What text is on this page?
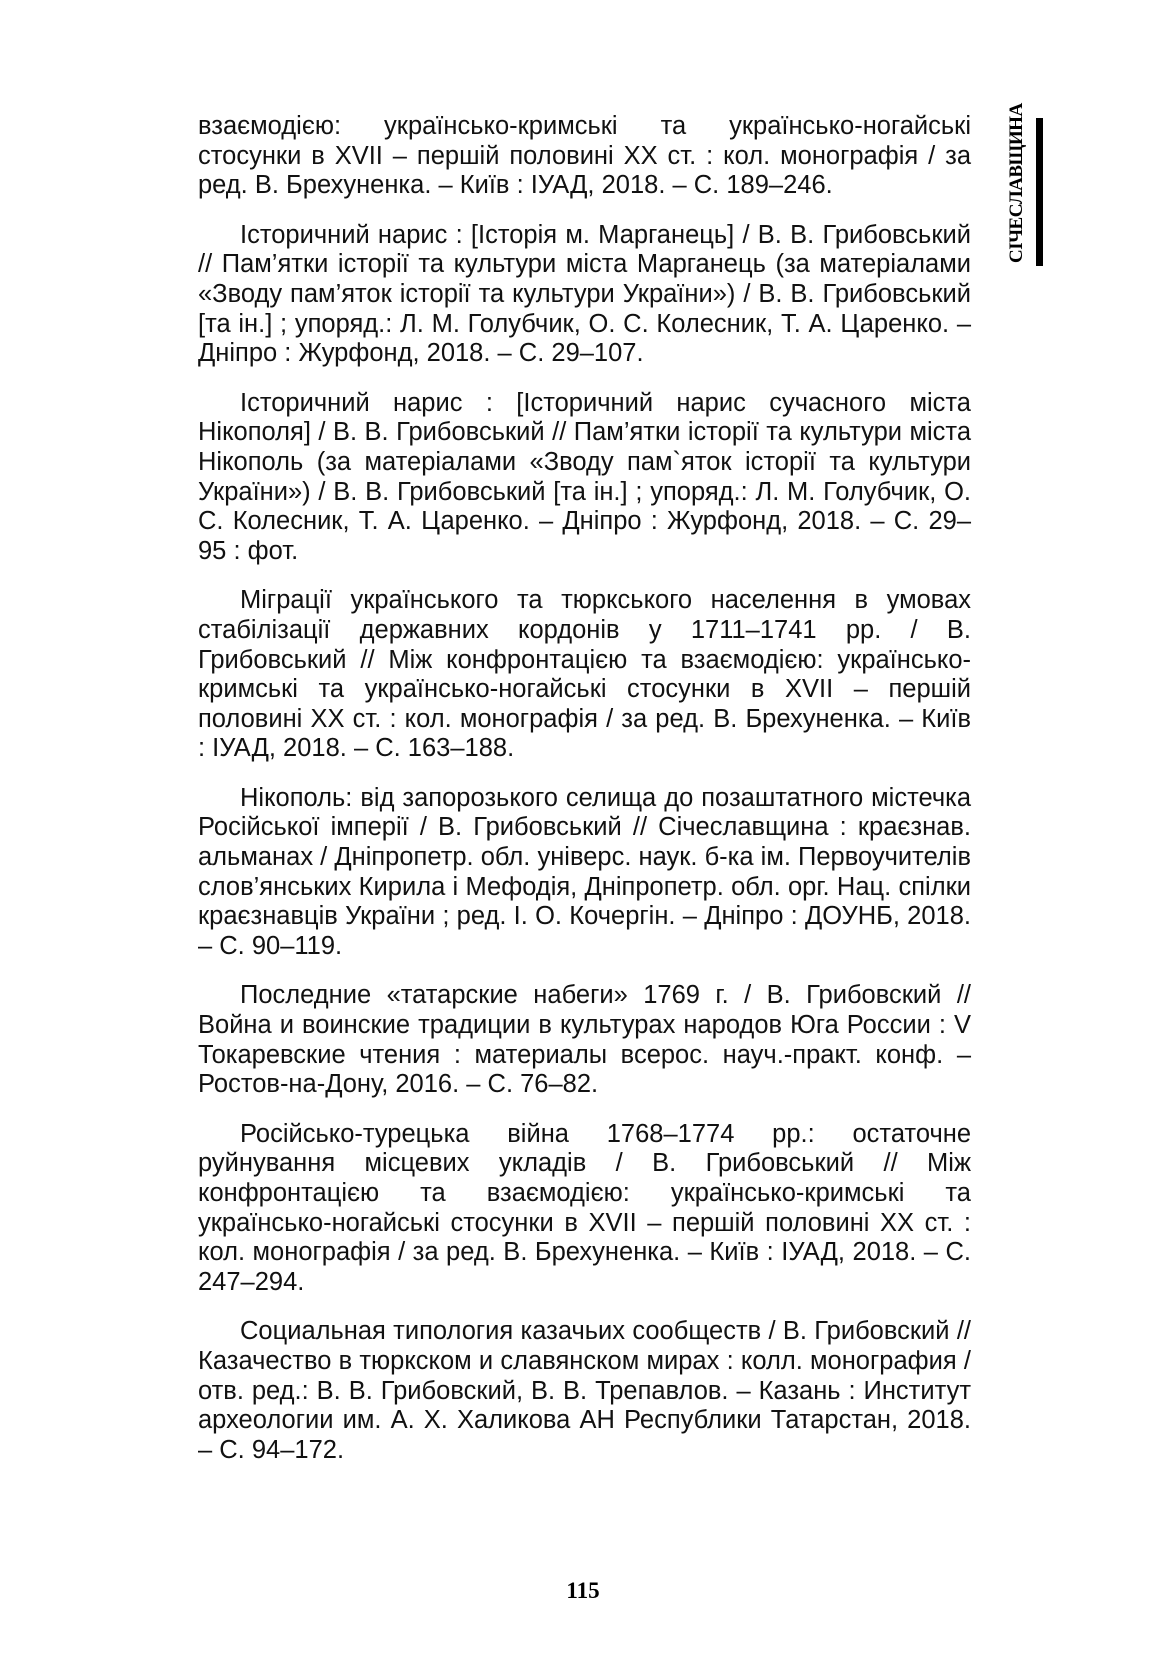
СІЧЕСЛАВЩИНА

взаємодією: українсько-кримські та українсько-ногайські стосунки в XVII – першій половині XX ст. : кол. монографія / за ред. В. Брехуненка. – Київ : ІУАД, 2018. – С. 189–246.

Історичний нарис : [Історія м. Марганець] / В. В. Грибовський // Пам’ятки історії та культури міста Марганець (за матеріалами «Зводу пам’яток історії та культури України») / В. В. Грибовський [та ін.] ; упоряд.: Л. М. Голубчик, О. С. Колесник, Т. А. Царенко. – Дніпро : Журфонд, 2018. – С. 29–107.

Історичний нарис : [Історичний нарис сучасного міста Нікополя] / В. В. Грибовський // Пам’ятки історії та культури міста Нікополь (за матеріалами «Зводу пам`яток історії та культури України») / В. В. Грибовський [та ін.] ; упоряд.: Л. М. Голубчик, О. С. Колесник, Т. А. Царенко. – Дніпро : Журфонд, 2018. – С. 29–95 : фот.

Міграції українського та тюркського населення в умовах стабілізації державних кордонів у 1711–1741 рр. / В. Грибовський // Між конфронтацією та взаємодією: українсько-кримські та українсько-ногайські стосунки в XVII – першій половині XX ст. : кол. монографія / за ред. В. Брехуненка. – Київ : ІУАД, 2018. – С. 163–188.

Нікополь: від запорозького селища до позаштатного містечка Російської імперії / В. Грибовський // Січеславщина : краєзнав. альманах / Дніпропетр. обл. універс. наук. б-ка ім. Первоучителів слов’янських Кирила і Мефодія, Дніпропетр. обл. орг. Нац. спілки краєзнавців України ; ред. І. О. Кочергін. – Дніпро : ДОУНБ, 2018. – С. 90–119.

Последние «татарские набеги» 1769 г. / В. Грибовский // Война и воинские традиции в культурах народов Юга России : V Токаревские чтения : материалы всерос. науч.-практ. конф. – Ростов-на-Дону, 2016. – С. 76–82.

Російсько-турецька війна 1768–1774 рр.: остаточне руйнування місцевих укладів / В. Грибовський // Між конфронтацією та взаємодією: українсько-кримські та українсько-ногайські стосунки в XVII – першій половині XX ст. : кол. монографія / за ред. В. Брехуненка. – Київ : ІУАД, 2018. – С. 247–294.

Социальная типология казачьих сообществ / В. Грибовский // Казачество в тюркском и славянском мирах : колл. монография / отв. ред.: В. В. Грибовский, В. В. Трепавлов. – Казань : Институт археологии им. А. Х. Халикова АН Республики Татарстан, 2018. – С. 94–172.

115
